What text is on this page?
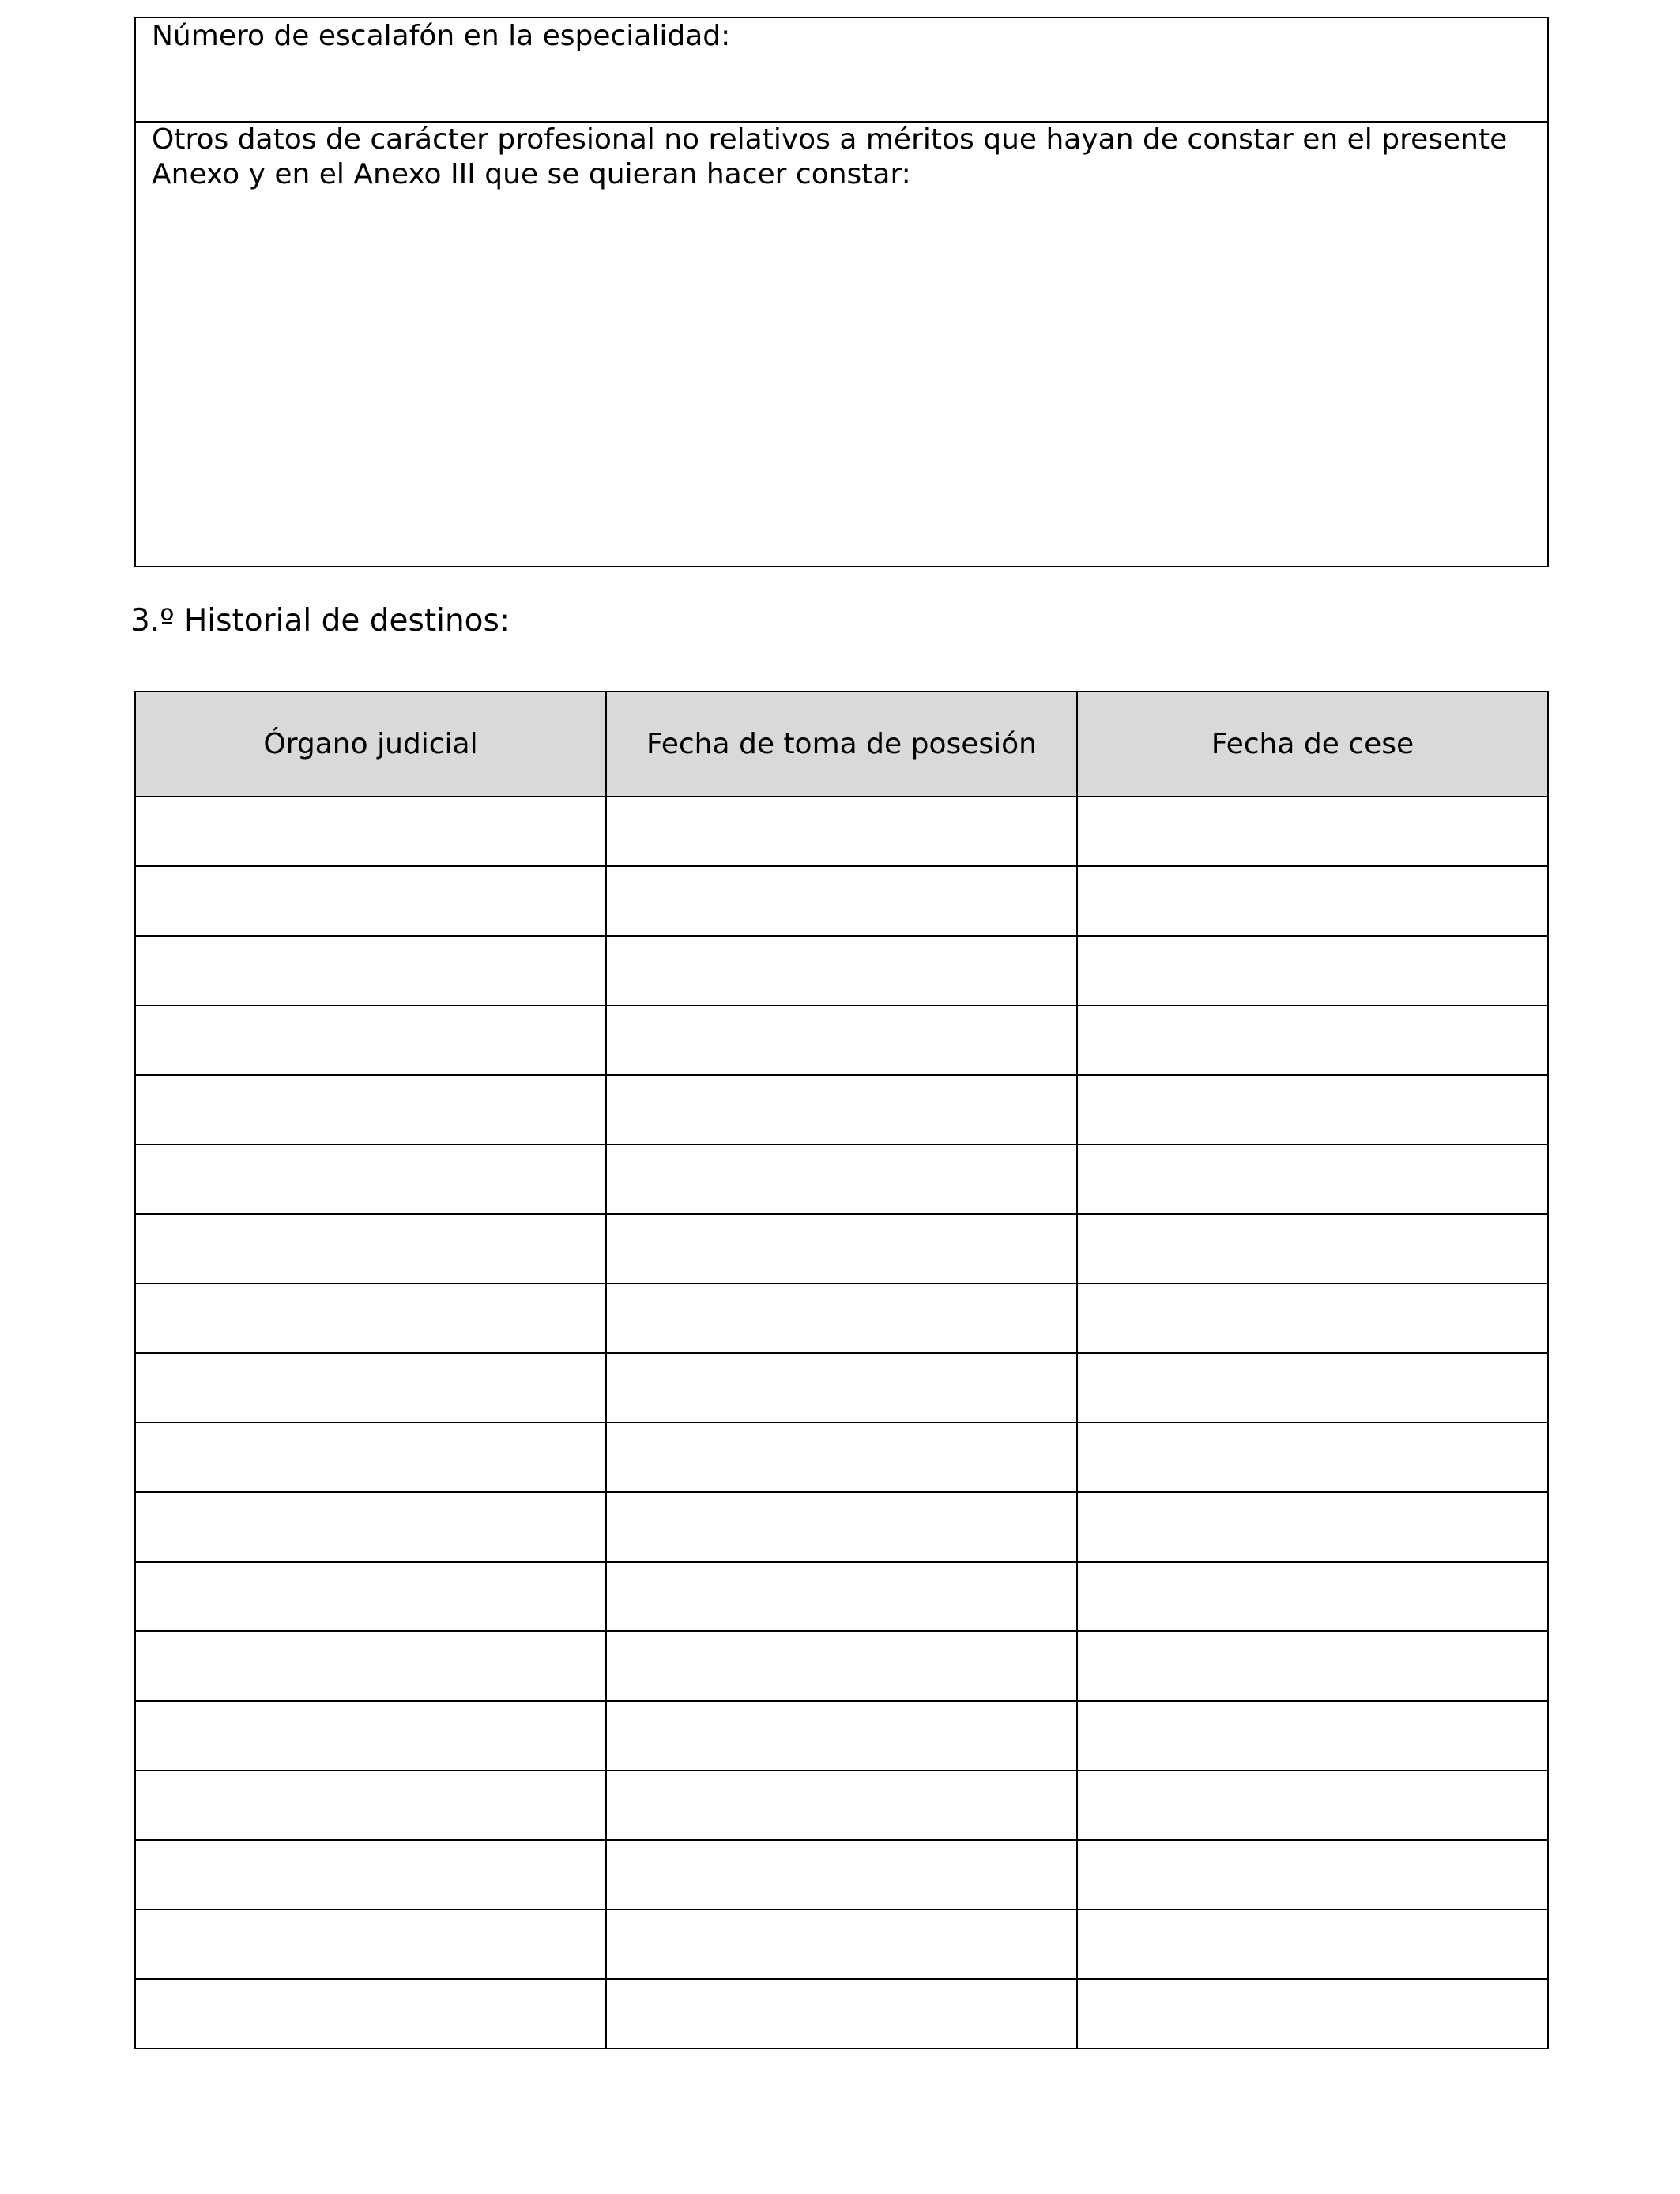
Número de escalafón en la especialidad:
Otros datos de carácter profesional no relativos a méritos que hayan de constar en el presente Anexo y en el Anexo III que se quieran hacer constar:
3.º Historial de destinos:
Órgano judicial	Fecha de toma de posesión	Fecha de cese
